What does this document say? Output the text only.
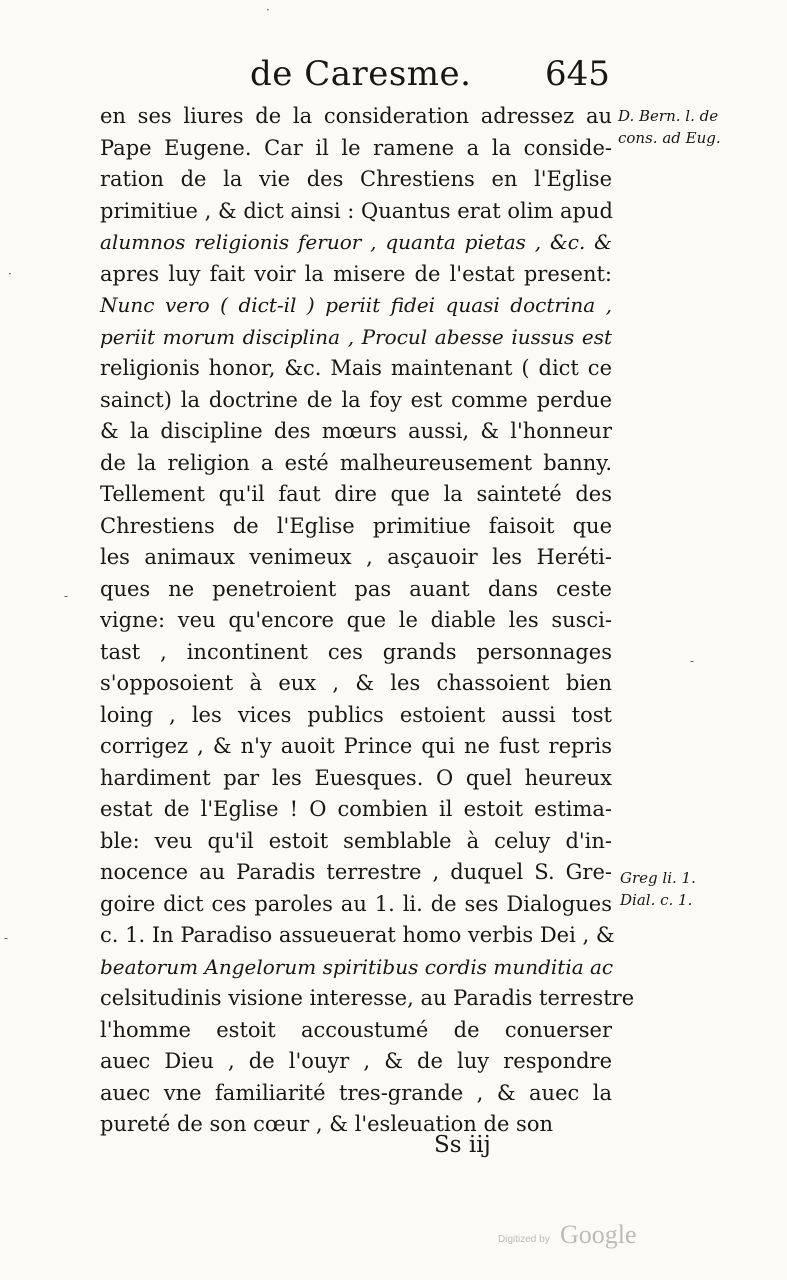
de Caresme. 645
en ses liures de la consideration adressez au
Pape Eugene. Car il le ramene a la conside-
ration de la vie des Chrestiens en l'Eglise
primitiue , & dict ainsi : Quantus erat olim apud
alumnos religionis feruor , quanta pietas , &c. &
apres luy fait voir la misere de l'estat present:
Nunc vero ( dict-il ) periit fidei quasi doctrina ,
periit morum disciplina , Procul abesse iussus est
religionis honor, &c. Mais maintenant ( dict ce
sainct) la doctrine de la foy est comme perdue
& la discipline des mœurs aussi, & l'honneur
de la religion a esté malheureusement banny.
Tellement qu'il faut dire que la sainteté des
Chrestiens de l'Eglise primitiue faisoit que
les animaux venimeux , asçauoir les Heréti-
ques ne penetroient pas auant dans ceste
vigne: veu qu'encore que le diable les susci-
tast , incontinent ces grands personnages
s'opposoient à eux , & les chassoient bien
loing , les vices publics estoient aussi tost
corrigez , & n'y auoit Prince qui ne fust repris
hardiment par les Euesques. O quel heureux
estat de l'Eglise ! O combien il estoit estima-
ble: veu qu'il estoit semblable à celuy d'in-
nocence au Paradis terrestre , duquel S. Gre-
goire dict ces paroles au 1. li. de ses Dialogues
c. 1. In Paradiso assueuerat homo verbis Dei , &
beatorum Angelorum spiritibus cordis munditia ac
celsitudinis visione interesse, au Paradis terrestre
l'homme estoit accoustumé de conuerser
auec Dieu , de l'ouyr , & de luy respondre
auec vne familiarité tres-grande , & auec la
pureté de son cœur , & l'esleuation de son
D. Bern. l. de
cons. ad Eug.
Greg li. 1.
Dial. c. 1.
Ss iij
·
·
-
-
-
Digitized by Google
